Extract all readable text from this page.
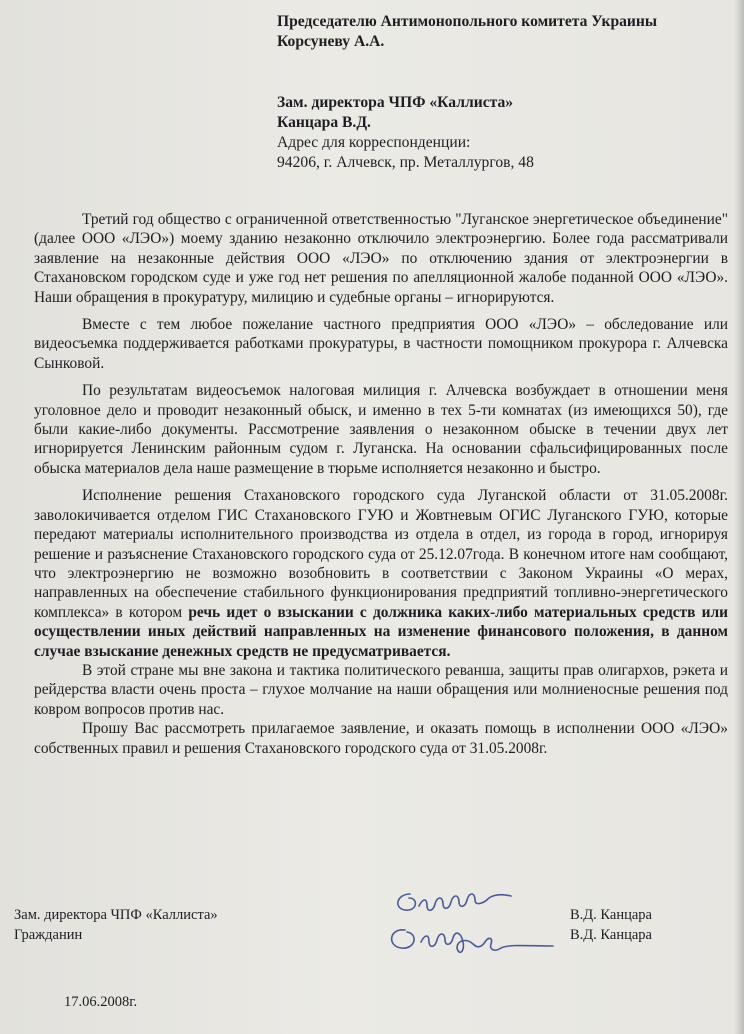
Председателю Антимонопольного комитета Украины
Корсуневу А.А.
Зам. директора ЧПФ «Каллиста»
Канцара В.Д.
Адрес для корреспонденции:
94206, г. Алчевск, пр. Металлургов, 48

Третий год общество с ограниченной ответственностью "Луганское энергетическое объединение" (далее ООО «ЛЭО») моему зданию незаконно отключило электроэнергию. Более года рассматривали заявление на незаконные действия ООО «ЛЭО» по отключению здания от электроэнергии в Стахановском городском суде и уже год нет решения по апелляционной жалобе поданной ООО «ЛЭО». Наши обращения в прокуратуру, милицию и судебные органы – игнорируются.

Вместе с тем любое пожелание частного предприятия ООО «ЛЭО» – обследование или видеосъемка поддерживается работками прокуратуры, в частности помощником прокурора г. Алчевска Сынковой.

По результатам видеосъемок налоговая милиция г. Алчевска возбуждает в отношении меня уголовное дело и проводит незаконный обыск, и именно в тех 5-ти комнатах (из имеющихся 50), где были какие-либо документы. Рассмотрение заявления о незаконном обыске в течении двух лет игнорируется Ленинским районным судом г. Луганска. На основании сфальсифицированных после обыска материалов дела наше размещение в тюрьме исполняется незаконно и быстро.

Исполнение решения Стахановского городского суда Луганской области от 31.05.2008г. заволокичивается отделом ГИС Стахановского ГУЮ и Жовтневым ОГИС Луганского ГУЮ, которые передают материалы исполнительного производства из отдела в отдел, из города в город, игнорируя решение и разъяснение Стахановского городского суда от 25.12.07года. В конечном итоге нам сообщают, что электроэнергию не возможно возобновить в соответствии с Законом Украины «О мерах, направленных на обеспечение стабильного функционирования предприятий топливно-энергетического комплекса» в котором речь идет о взыскании с должника каких-либо материальных средств или осуществлении иных действий направленных на изменение финансового положения, в данном случае взыскание денежных средств не предусматривается.

В этой стране мы вне закона и тактика политического реванша, защиты прав олигархов, рэкета и рейдерства власти очень проста – глухое молчание на наши обращения или молниеносные решения под ковром вопросов против нас.

Прошу Вас рассмотреть прилагаемое заявление, и оказать помощь в исполнении ООО «ЛЭО» собственных правил и решения Стахановского городского суда от 31.05.2008г.

Зам. директора ЧПФ «Каллиста»
Гражданин
В.Д. Канцара
В.Д. Канцара
17.06.2008г.
